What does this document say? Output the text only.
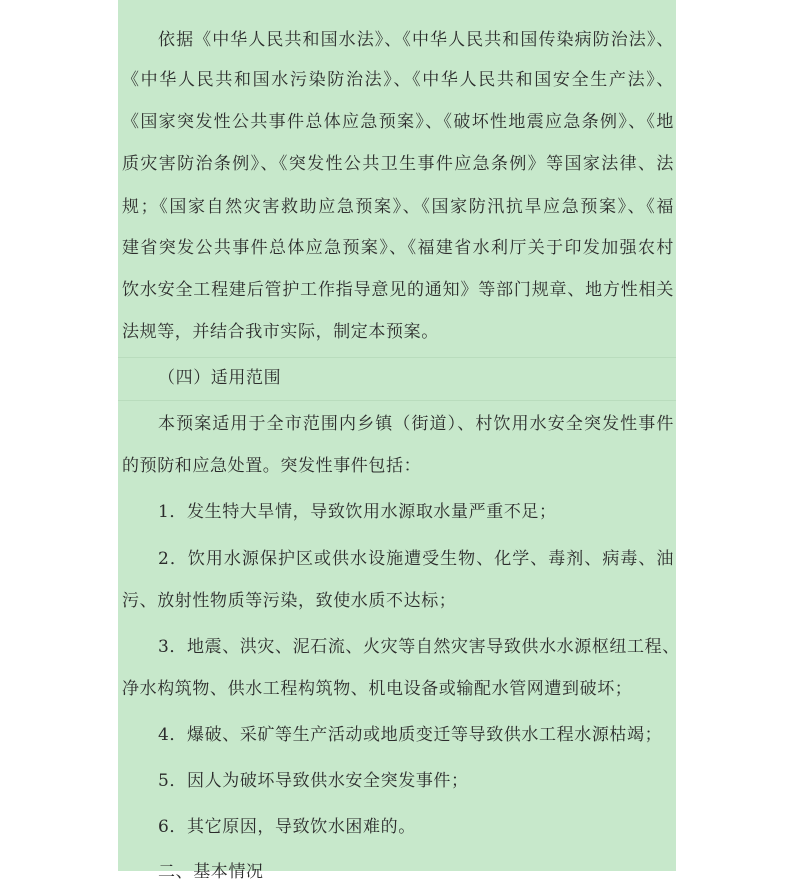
依据《中华人民共和国水法》、《中华人民共和国传染病防治法》、
《中华人民共和国水污染防治法》、《中华人民共和国安全生产法》、
《国家突发性公共事件总体应急预案》、《破坏性地震应急条例》、《地
质灾害防治条例》、《突发性公共卫生事件应急条例》等国家法律、法
规；《国家自然灾害救助应急预案》、《国家防汛抗旱应急预案》、《福
建省突发公共事件总体应急预案》、《福建省水利厅关于印发加强农村
饮水安全工程建后管护工作指导意见的通知》等部门规章、地方性相关
法规等，并结合我市实际，制定本预案。
（四）适用范围
本预案适用于全市范围内乡镇（街道）、村饮用水安全突发性事件
的预防和应急处置。突发性事件包括：
1．发生特大旱情，导致饮用水源取水量严重不足；
2．饮用水源保护区或供水设施遭受生物、化学、毒剂、病毒、油
污、放射性物质等污染，致使水质不达标；
3．地震、洪灾、泥石流、火灾等自然灾害导致供水水源枢纽工程、
净水构筑物、供水工程构筑物、机电设备或输配水管网遭到破坏；
4．爆破、采矿等生产活动或地质变迁等导致供水工程水源枯竭；
5．因人为破坏导致供水安全突发事件；
6．其它原因，导致饮水困难的。
二、基本情况
